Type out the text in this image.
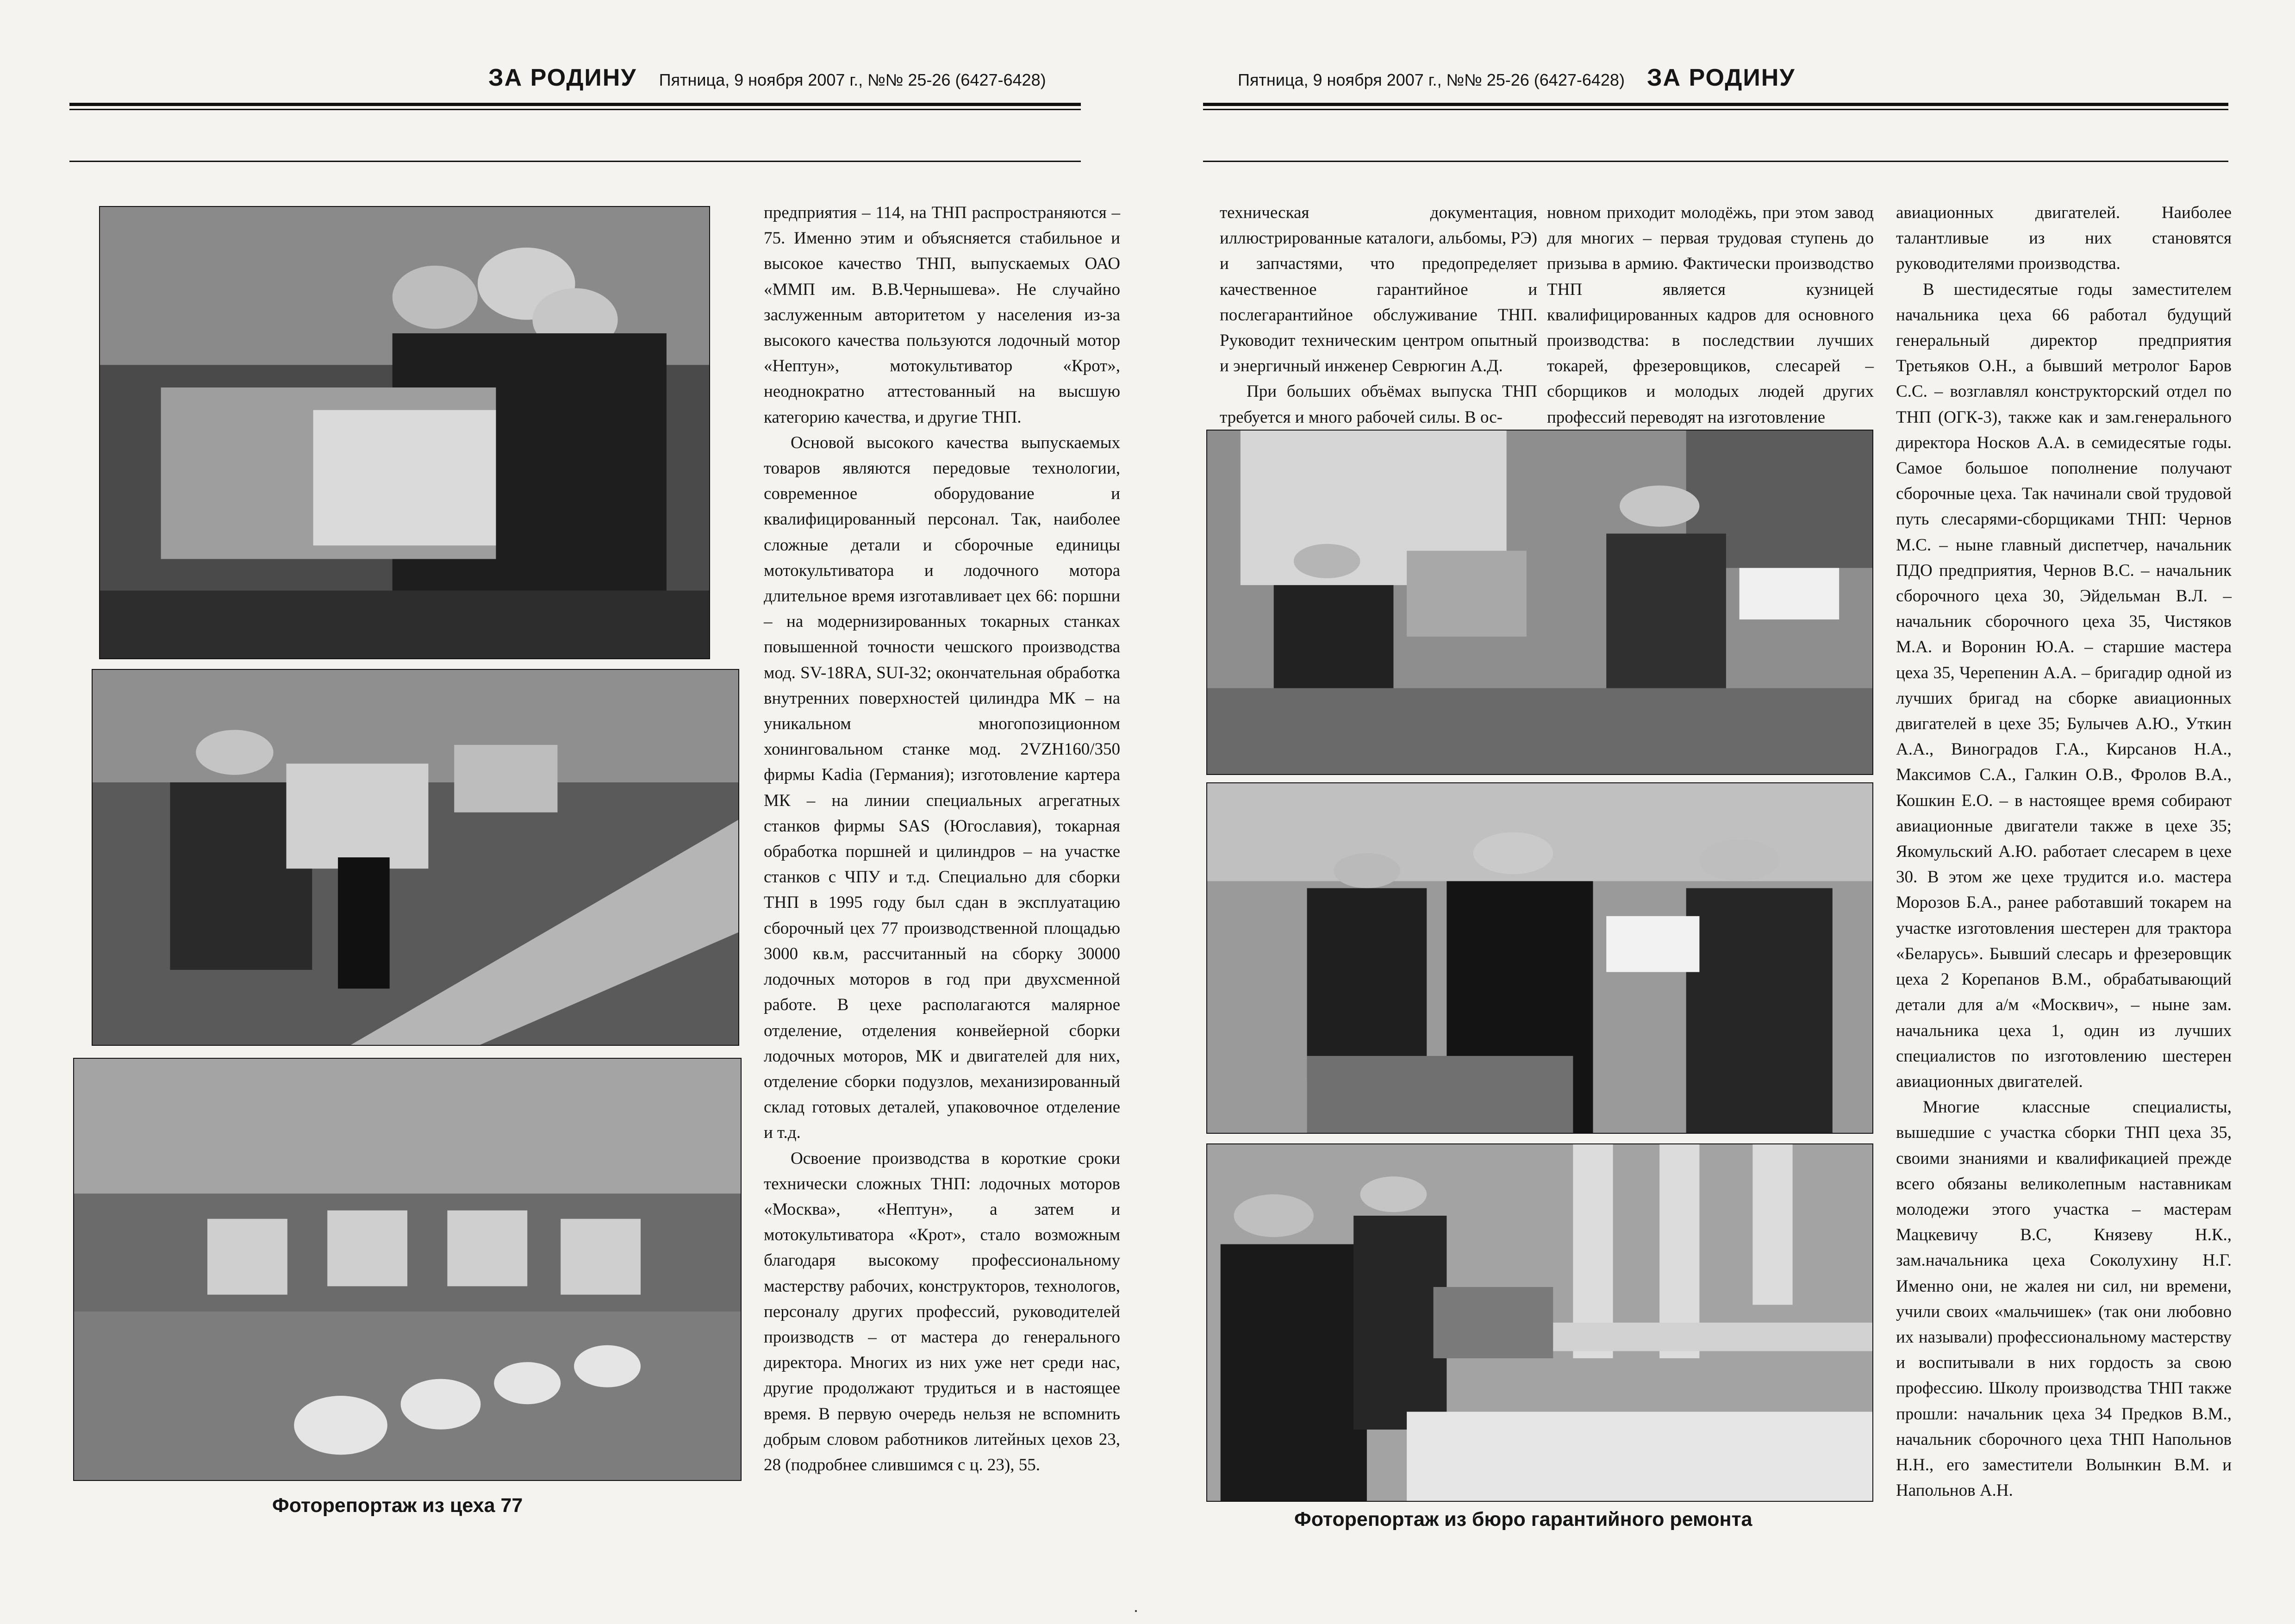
ЗА РОДИНУ Пятница, 9 ноября 2007 г., №№ 25-26 (6427-6428)
Фоторепортаж из цеха 77

предприятия – 114, на ТНП распространяются – 75. Именно этим и объясняется стабильное и высокое качество ТНП, выпускаемых ОАО «ММП им. В.В.Чернышева». Не случайно заслуженным авторитетом у населения из-за высокого качества пользуются лодочный мотор «Нептун», мотокультиватор «Крот», неоднократно аттестованный на высшую категорию качества, и другие ТНП.

Основой высокого качества выпускаемых товаров являются передовые технологии, современное оборудование и квалифицированный персонал. Так, наиболее сложные детали и сборочные единицы мотокультиватора и лодочного мотора длительное время изготавливает цех 66: поршни – на модернизированных токарных станках повышенной точности чешского производства мод. SV-18RA, SUI-32; окончательная обработка внутренних поверхностей цилиндра МК – на уникальном многопозиционном хонинговальном станке мод. 2VZH160/350 фирмы Kadia (Германия); изготовление картера МК – на линии специальных агрегатных станков фирмы SAS (Югославия), токарная обработка поршней и цилиндров – на участке станков с ЧПУ и т.д. Специально для сборки ТНП в 1995 году был сдан в эксплуатацию сборочный цех 77 производственной площадью 3000 кв.м, рассчитанный на сборку 30000 лодочных моторов в год при двухсменной работе. В цехе располагаются малярное отделение, отделения конвейерной сборки лодочных моторов, МК и двигателей для них, отделение сборки подузлов, механизированный склад готовых деталей, упаковочное отделение и т.д.

Освоение производства в короткие сроки технически сложных ТНП: лодочных моторов «Москва», «Нептун», а затем и мотокультиватора «Крот», стало возможным благодаря высокому профессиональному мастерству рабочих, конструкторов, технологов, персоналу других профессий, руководителей производств – от мастера до генерального директора. Многих из них уже нет среди нас, другие продолжают трудиться и в настоящее время. В первую очередь нельзя не вспомнить добрым словом работников литейных цехов 23, 28 (подробнее слившимся с ц. 23), 55.

Пятница, 9 ноября 2007 г., №№ 25-26 (6427-6428) ЗА РОДИНУ

техническая документация, иллюстрированные каталоги, альбомы, РЭ) и запчастями, что предопределяет качественное гарантийное и послегарантийное обслуживание ТНП. Руководит техническим центром опытный и энергичный инженер Севрюгин А.Д.

При больших объёмах выпуска ТНП требуется и много рабочей силы. В ос-

новном приходит молодёжь, при этом завод для многих – первая трудовая ступень до призыва в армию. Фактически производство ТНП является кузницей квалифицированных кадров для основного производства: в последствии лучших токарей, фрезеровщиков, слесарей – сборщиков и молодых людей других профессий переводят на изготовление

Фоторепортаж из бюро гарантийного ремонта

авиационных двигателей. Наиболее талантливые из них становятся руководителями производства.

В шестидесятые годы заместителем начальника цеха 66 работал будущий генеральный директор предприятия Третьяков О.Н., а бывший метролог Баров С.С. – возглавлял конструкторский отдел по ТНП (ОГК-3), также как и зам.генерального директора Носков А.А. в семидесятые годы. Самое большое пополнение получают сборочные цеха. Так начинали свой трудовой путь слесарями-сборщиками ТНП: Чернов М.С. – ныне главный диспетчер, начальник ПДО предприятия, Чернов В.С. – начальник сборочного цеха 30, Эйдельман В.Л. – начальник сборочного цеха 35, Чистяков М.А. и Воронин Ю.А. – старшие мастера цеха 35, Черепенин А.А. – бригадир одной из лучших бригад на сборке авиационных двигателей в цехе 35; Булычев А.Ю., Уткин А.А., Виноградов Г.А., Кирсанов Н.А., Максимов С.А., Галкин О.В., Фролов В.А., Кошкин Е.О. – в настоящее время собирают авиационные двигатели также в цехе 35; Якомульский А.Ю. работает слесарем в цехе 30. В этом же цехе трудится и.о. мастера Морозов Б.А., ранее работавший токарем на участке изготовления шестерен для трактора «Беларусь». Бывший слесарь и фрезеровщик цеха 2 Корепанов В.М., обрабатывающий детали для а/м «Москвич», – ныне зам. начальника цеха 1, один из лучших специалистов по изготовлению шестерен авиационных двигателей.

Многие классные специалисты, вышедшие с участка сборки ТНП цеха 35, своими знаниями и квалификацией прежде всего обязаны великолепным наставникам молодежи этого участка – мастерам Мацкевичу В.С, Князеву Н.К., зам.начальника цеха Соколухину Н.Г. Именно они, не жалея ни сил, ни времени, учили своих «мальчишек» (так они любовно их называли) профессиональному мастерству и воспитывали в них гордость за свою профессию. Школу производства ТНП также прошли: начальник цеха 34 Предков В.М., начальник сборочного цеха ТНП Напольнов Н.Н., его заместители Волынкин В.М. и Напольнов А.Н.
